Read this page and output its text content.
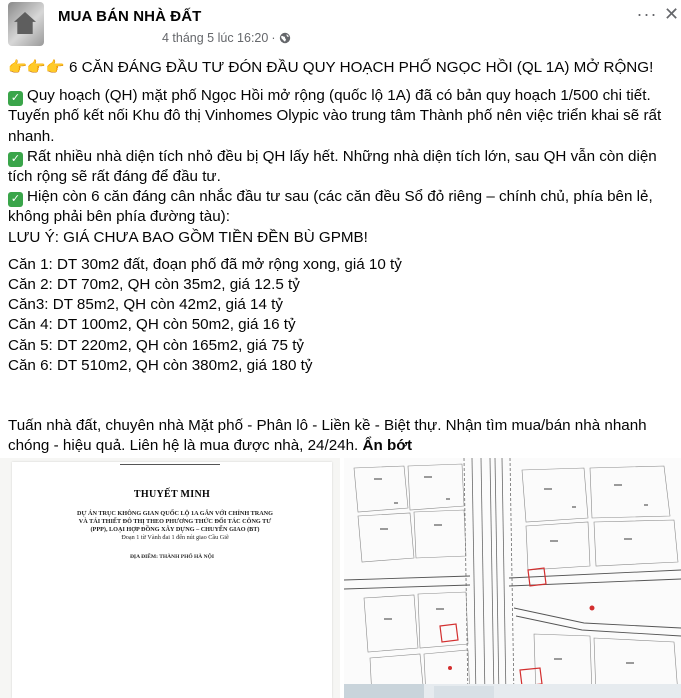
MUA BÁN NHÀ ĐẤT
4 tháng 5 lúc 16:20 ·
··· ✕
👉👉👉 6 CĂN ĐÁNG ĐẦU TƯ ĐÓN ĐẦU QUY HOẠCH PHỐ NGỌC HỒI (QL 1A) MỞ RỘNG!
✓ Quy hoạch (QH) mặt phố Ngọc Hồi mở rộng (quốc lộ 1A) đã có bản quy hoạch 1/500 chi tiết.
Tuyến phố kết nối Khu đô thị Vinhomes Olypic vào trung tâm Thành phố nên việc triển khai sẽ rất
nhanh.
✓ Rất nhiều nhà diện tích nhỏ đều bị QH lấy hết. Những nhà diện tích lớn, sau QH vẫn còn diện
tích rộng sẽ rất đáng để đầu tư.
✓ Hiện còn 6 căn đáng cân nhắc đầu tư sau (các căn đều Sổ đỏ riêng – chính chủ, phía bên lẻ,
không phải bên phía đường tàu):
LƯU Ý: GIÁ CHƯA BAO GỒM TIỀN ĐỀN BÙ GPMB!
Căn 1: DT 30m2 đất, đoạn phố đã mở rộng xong, giá 10 tỷ
Căn 2: DT 70m2, QH còn 35m2, giá 12.5 tỷ
Căn3: DT 85m2, QH còn 42m2, giá 14 tỷ
Căn 4: DT 100m2, QH còn 50m2, giá 16 tỷ
Căn 5: DT 220m2, QH còn 165m2, giá 75 tỷ
Căn 6: DT 510m2, QH còn 380m2, giá 180 tỷ
Tuấn nhà đất, chuyên nhà Mặt phố - Phân lô - Liền kề - Biệt thự. Nhận tìm mua/bán nhà nhanh
chóng - hiệu quả. Liên hệ là mua được nhà, 24/24h. Ẩn bớt
THUYẾT MINH
DỰ ÁN TRỤC KHÔNG GIAN QUỐC LỘ 1A GẮN VỚI CHỈNH TRANG
VÀ TÁI THIẾT ĐÔ THỊ THEO PHƯƠNG THỨC ĐỐI TÁC CÔNG TƯ
(PPP), LOẠI HỢP ĐỒNG XÂY DỰNG – CHUYỂN GIAO (BT)
Đoạn 1 từ Vành đai 1 đến nút giao Cầu Giẽ
ĐỊA ĐIỂM: THÀNH PHỐ HÀ NỘI
